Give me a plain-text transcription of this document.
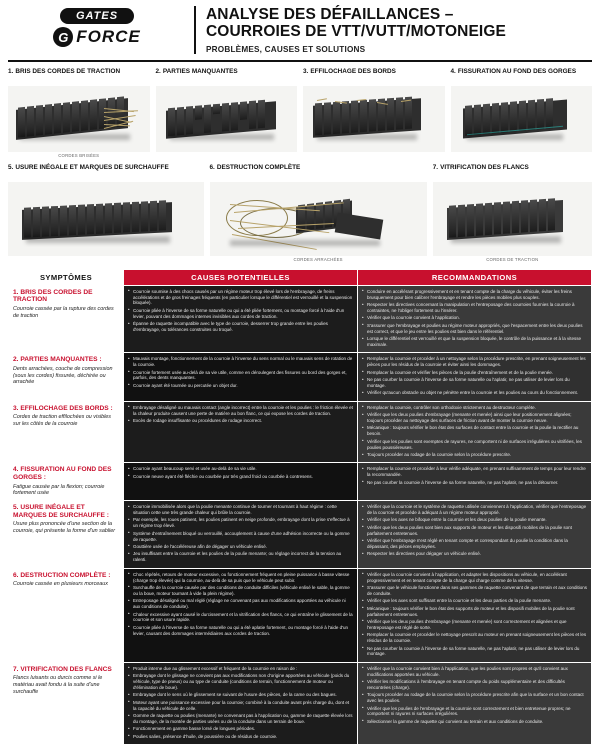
GATES
G FORCE
ANALYSE DES DÉFAILLANCES –
COURROIES DE VTT/VUTT/MOTONEIGE
PROBLÈMES, CAUSES ET SOLUTIONS
1. BRIS DES CORDES DE TRACTION
CORDES BRISÉES
2. PARTIES MANQUANTES	3. EFFILOCHAGE DES BORDS	4. FISSURATION AU FOND DES GORGES
5. USURE INÉGALE ET MARQUES DE SURCHAUFFE	6. DESTRUCTION COMPLÈTE
CORDES ARRACHÉES
7. VITRIFICATION DES FLANCS
CORDES DE TRACTION
SYMPTÔMES	CAUSES POTENTIELLES	RECOMMANDATIONS

1. BRIS DES CORDES DE TRACTION
Courroie cassée par la rupture des cordes de traction

• Courroie soumise à des chocs causés par un régime moteur trop élevé lors de l'embrayage, de freins accélérations et de gros freinages fréquents (en particulier lorsque le différentiel est verrouillé et la suspension bloquée).
• Courroie pliée à l'inverse de sa forme naturelle ou qui a été pliée fortement, ou montage forcé à l'aide d'un levier, pouvant des dommages internes invisibles aux cordes de traction.
• Épanne de raquette incompatible avec le type de courroie, desserrer trop grande entre les poulies d'embrayage, ou tolérances construites ou troqué.

• Conduire en accélérant progressivement et en tenant compte de la charge du véhicule, éviter les freins brusquement pour bien calibrer l'embrayage et rendre les pièces mobiles plus souples.
• Respecter les directives concernant la manipulation et l'entreposage des courroies fournies la courroie à contraintes, ne l'obliger fortement ou l'insérer.
• Vérifier que la courroie convient à l'application.
• S'assurer que l'embrayage et poulies au régime moteur appropriés, que l'espacement entre les deux poulies est correct, et que le jeu entre les poulies est bien dans le référentiel.
• Lorsque le différentiel est verrouillé et que la suspension bloquée, le contrôle de la puissance et à la vitesse maximale.

2. PARTIES MANQUANTES :
Dents arrachées, couche de compression (sous les cordes) fissurée, déchirée ou arrachée

• Mauvais montage, fonctionnement de la courroie à l'inverse du sens normal ou le mauvais sens de rotation de la courroie.
• Courroie fortement usée au-delà de sa vie utile, comme en déroulegent des fissures ou bord des gorges et, parfois, des dents manquantes.
• Courroie ayant été tournée ou percutée un objet dur.

• Remplacer la courroie et procéder à un nettoyage selon la procédure prescrite, en prenant soigneusement les pièces pour les résidus de la courroie et éviter ainsi les dommages.
• Remplacer la courroie et vérifier les pièces de la poulie d'entraînement et de la poulie menée.
• Ne pas courber la courroie à l'inverse de sa forme naturelle ou l'aplatir, ne pas utiliser de levier lors du montage.
• Vérifier qu'aucun obstacle ou objet ne pénètre entre la courroie et les poulies au cours du fonctionnement.

3. EFFILOCHAGE DES BORDS :
Cordes de traction effilochées ou visibles sur les côtés de la courroie

• Embrayage désaligné ou mauvais contact (angle incorrect) entre la courroie et les poulies : le friction élevée et la chaleur produite causent une perte de matière au bon flanc, ce qui expose les cordes de traction.
• Excès de rodage insuffisante ou procédures de rodage incorrect.

• Remplacer la courroie, contrôler son orthodoxie strictement au destructeur complète.
• Vérifier que les deux poulies d'embrayage (menante et menée) ainsi que leur positionnement alignées; toujours procéder au nettoyage des surfaces de friction avant de monter la courroie neuve.
• Mécanique : toujours vérifier le bon état des surfaces de contact entre la courroie et la poulie la rectifier au besoin.
• Vérifier que les poulies sont exemptes de rayures, ne comportent ni de surfaces irrégulières ou vitrifiées, les poulies poussiéreuses.
• Toujours procéder au rodage de la courroie selon la procédure prescrite.

4. FISSURATION AU FOND DES GORGES :
Fatigue causée par la flexion; courroie fortement usée

• Courroie ayant beaucoup servi et usée au-delà de sa vie utile.
• Courroie neuve ayant été fléchie ou courbée par très grand froid ou courbée à contresens.

• Remplacer la courroie et procéder à leur vérifie adéquate, en prenant suffisamment de temps pour leur rendre la recommandée.
• Ne pas courber la courroie à l'inverse de sa forme naturelle, ne pas l'aplatir, ne pas la détourner.

5. USURE INÉGALE ET MARQUES DE SURCHAUFFE :
Usure plus prononcée d'une section de la courroie, qui présente la forme d'un sablier

• Courroie immobilisée alors que la poulie menante continue de tourner et tournant à haut régime : cette situation cette une très grande chaleur qui brûle la courroie.
• Par exemple, les roues patinent, les poulies patinent en neige profonde, embrayage dont la prise s'effectue à un régime trop élevé.
• Système d'entraînement bloqué ou verrouillé, accouplement à cause d'une adhésion incorrecte ou la gomme de raquette.
• Gouttière usée de l'accéléreuse afin de dégager un véhicule enlisé.
• Jeu insuffisant entre la courroie et les poulies de la poulie menante; ou réglage incorrect de la tension au ralenti.

• Vérifier que la courroie et le système de raquette utilisée conviennent à l'application, vérifier que l'entreposage de la courroie et procède à adéquat à un régime moteur approprié.
• Vérifier que les axes ne bifoque entre la courroie et les deux poulies de la poulie menante.
• Vérifier que les deux poulies sont bien aux supports de moteur et les disposifi mobiles de la poulie sont parfaitement entretenues.
• Vérifier que l'embrayage n'est réglé en tenant compte et correspondant du poulie la condition dans la dépassant, des pièces employées.
• Respecter les directives pour dégager un véhicule enlisé.

6. DESTRUCTION COMPLÈTE :
Courroie cassée en plusieurs morceaux

• Choc répétés, retours de moteur excessive, ou fonctionnement fréquent en pleine puissance à basse vitesse (charge trop élevée) qui la courroie, au-delà de sa puis que le véhicule peut subir.
• Surchauffe de la courroie causée par des conditions de conduite difficiles (véhicule enlisé le sable, la gomme ou la boue, moteur tournant à vide la plein régime).
• Entreposage désaligné ou mal réglé (réglage ne convenant pas aux modifications apportées au véhicule ni aux conditions de conduite).
• Chaleur excessive ayant causé le durcissement et la vitrification des flancs, ce qui entraîne le glissement de la courroie et son usure rapide.
• Courroie pliée à l'inverse de sa forme naturelle ou qui a été aplatie fortement, ou montage forcé à l'aide d'un levier, causant des dommages intermédiaires aux cordes de traction.

• Vérifier que la courroie convient à l'application, et adapter les dispositions au véhicule, en accélérant progressivement et en tenant compte de la charge qui charge comme de la vitesse.
• S'assurer que le véhicule fonctionne dans ses gammes de raquette convenant de que terrain et aux conditions de conduite.
• Vérifier que les axes sont suffisant entre la courroie et les deux parties de la poulie menante.
• Mécanique : toujours vérifier le bon état des supports de moteur et les disposifi mobiles de la poulie sont parfaitement entretenues.
• Vérifier que les deux poulies d'embrayage (menante et menée) sont correctement et alignées et que l'entreposage est réglé de sorte.
• Remplacer la courroie et procéder le nettoyage prescrit au moteur en prenant soigneusement les pièces et les résidus de la courroie.
• Ne pas courber la courroie à l'inverse de sa forme naturelle, ne pas l'aplatir, ne pas utiliser de levier lors du montage.

7. VITRIFICATION DES FLANCS
Flancs luisants ou durcis comme si le matériau avait fondu à la suite d'une surchauffe

• Produit interne due au glissement excessif et fréquent de la courroie en raison de :
• Embrayage dont le glissage ne convient pas aux modifications non d'origine apportées au véhicule (poids du véhicule, type de pneus) ou au type de conduite (conditions de terrain, fonctionnement de moteur ou d'élimination de boue).
• Embrayage dont le sens où le glissement se suivant de l'usure des pièces, de la came ou des bagues.
• Moteur ayant une puissance excessive pour la courroie; combiné à la conduite avant prés charge du, dont et la capacité du véhicule de celle.
• Gomme de raquette ou poulies (menante) ne convenant pas à l'application ou, gamme de raquette élevée lors du montage, de la montée de parties usées ou de la conduite dans un terrain de boue.
• Fonctionnement en gamme basse lorsé de longues périodes.
• Poulies salies, présence d'huile, de poussière ou de résidus de courroie.

• Vérifier que la courroie convient bien à l'application, que les poulies sont propres et qu'il convient aux modifications apportées au véhicule.
• Vérifier les modifications à l'embrayage en tenant compte du poids supplémentaire et des difficultés rencontrées (charge).
• Toujours procéder au rodage de la courroie selon la procédure prescrite afin que la surface et un bon contact avec les poulies.
• Vérifier que les poulies de l'embrayage et la courroie sont correctement et bien entretenue propres; ne comportent ni rayures ni surfaces irrégulières.
• Sélectionner la gamme de raquette qui convient au terrain et aux conditions de conduite.
